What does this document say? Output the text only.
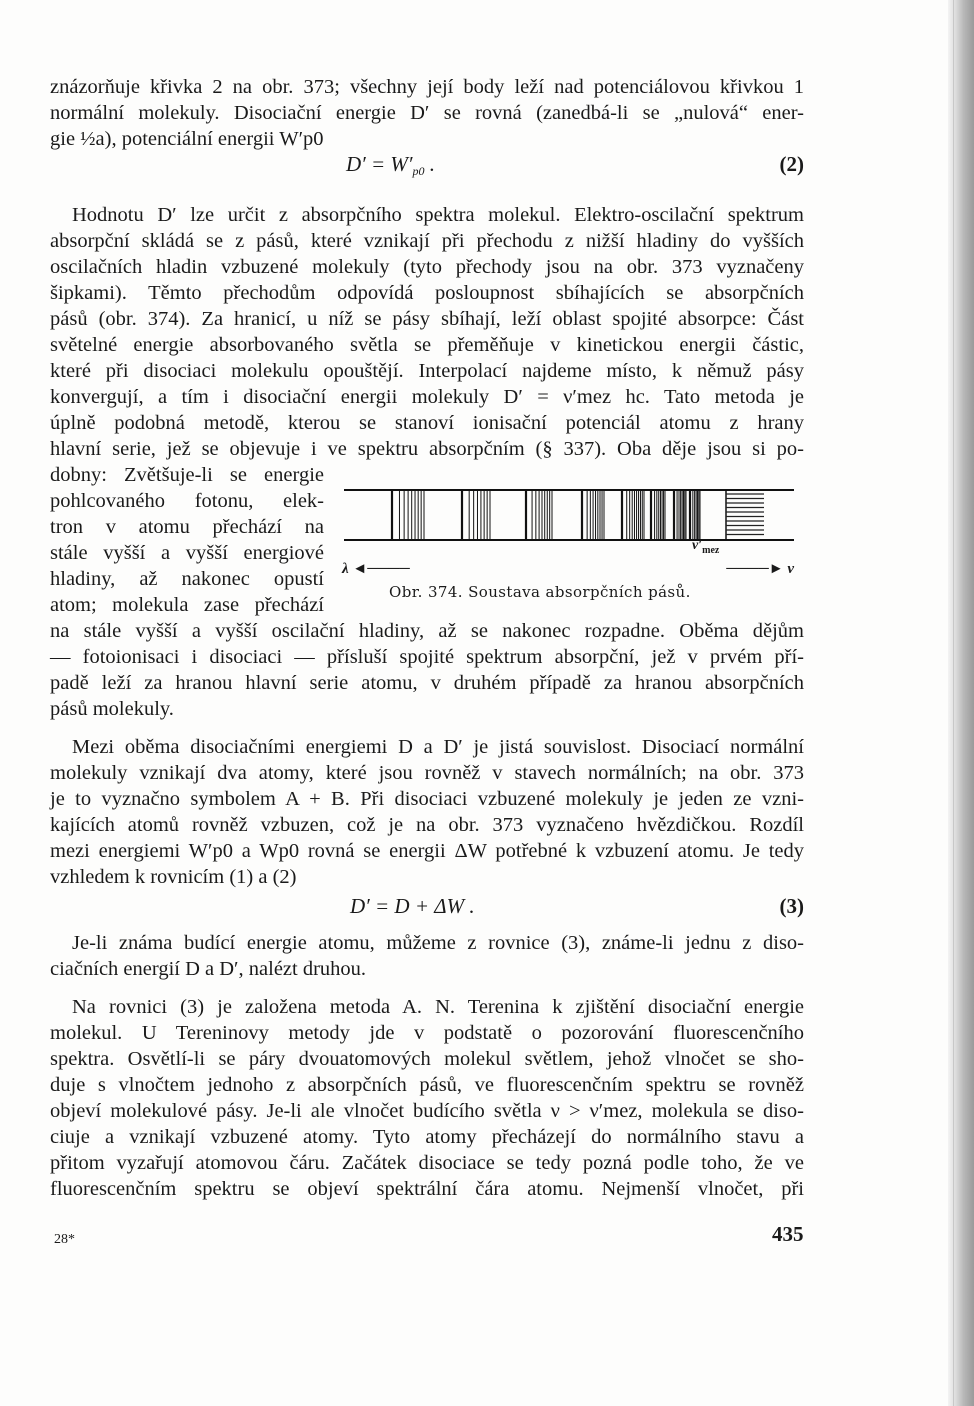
znázorňuje křivka 2 na obr. 373; všechny její body leží nad potenciálovou křivkou 1
normální molekuly. Disociační energie D′ se rovná (zanedbá-li se „nulová“ ener-
gie ½a), potenciální energii W′p0
$D' = W'_{p0}$ .	(2)
Hodnotu D′ lze určit z absorpčního spektra molekul. Elektro-oscilační spektrum
absorpční skládá se z pásů, které vznikají při přechodu z nižší hladiny do vyšších
oscilačních hladin vzbuzené molekuly (tyto přechody jsou na obr. 373 vyznačeny
šipkami). Těmto přechodům odpovídá posloupnost sbíhajících se absorpčních
pásů (obr. 374). Za hranicí, u níž se pásy sbíhají, leží oblast spojité absorpce: Část
světelné energie absorbovaného světla se přeměňuje v kinetickou energii částic,
které při disociaci molekulu opouštějí. Interpolací najdeme místo, k němuž pásy
konvergují, a tím i disociační energii molekuly D′ = ν′mez hc. Tato metoda je
úplně podobná metodě, kterou se stanoví ionisační potenciál atomu z hrany
hlavní serie, jež se objevuje i ve spektru absorpčním (§ 337). Oba děje jsou si po-
dobny: Zvětšuje-li se energie
pohlcovaného fotonu, elek-
tron v atomu přechází na
stále vyšší a vyšší energiové
hladiny, až nakonec opustí
atom; molekula zase přechází
$\nu'_{mez}$
λ ◄────	────► ν
Obr. 374. Soustava absorpčních pásů.
na stále vyšší a vyšší oscilační hladiny, až se nakonec rozpadne. Oběma dějům
— fotoionisaci i disociaci — přísluší spojité spektrum absorpční, jež v prvém pří-
padě leží za hranou hlavní serie atomu, v druhém případě za hranou absorpčních
pásů molekuly.
Mezi oběma disociačními energiemi D a D′ je jistá souvislost. Disociací normální
molekuly vznikají dva atomy, které jsou rovněž v stavech normálních; na obr. 373
je to vyznačno symbolem A + B. Při disociaci vzbuzené molekuly je jeden ze vzni-
kajících atomů rovněž vzbuzen, což je na obr. 373 vyznačeno hvězdičkou. Rozdíl
mezi energiemi W′p0 a Wp0 rovná se energii ΔW potřebné k vzbuzení atomu. Je tedy
vzhledem k rovnicím (1) a (2)
D′ = D + ΔW .	(3)
Je-li známa budící energie atomu, můžeme z rovnice (3), známe-li jednu z diso-
ciačních energií D a D′, nalézt druhou.
Na rovnici (3) je založena metoda A. N. Terenina k zjištění disociační energie
molekul. U Tereninovy metody jde v podstatě o pozorování fluorescenčního
spektra. Osvětlí-li se páry dvouatomových molekul světlem, jehož vlnočet se sho-
duje s vlnočtem jednoho z absorpčních pásů, ve fluorescenčním spektru se rovněž
objeví molekulové pásy. Je-li ale vlnočet budícího světla ν > ν′mez, molekula se diso-
ciuje a vznikají vzbuzené atomy. Tyto atomy přecházejí do normálního stavu a
přitom vyzařují atomovou čáru. Začátek disociace se tedy pozná podle toho, že ve
fluorescenčním spektru se objeví spektrální čára atomu. Nejmenší vlnočet, při
28*	435
